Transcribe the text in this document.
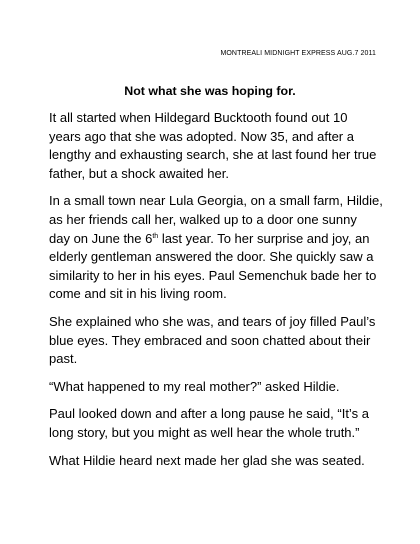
MONTREALI MIDNIGHT EXPRESS AUG.7 2011
Not what she was hoping for.

It all started when Hildegard Bucktooth found out 10
years ago that she was adopted. Now 35, and after a
lengthy and exhausting search, she at last found her true
father, but a shock awaited her.

In a small town near Lula Georgia, on a small farm, Hildie,
as her friends call her, walked up to a door one sunny
day on June the 6th last year. To her surprise and joy, an
elderly gentleman answered the door. She quickly saw a
similarity to her in his eyes. Paul Semenchuk bade her to
come and sit in his living room.

She explained who she was, and tears of joy filled Paul’s
blue eyes. They embraced and soon chatted about their
past.

“What happened to my real mother?” asked Hildie.

Paul looked down and after a long pause he said, “It’s a
long story, but you might as well hear the whole truth.”

What Hildie heard next made her glad she was seated.
